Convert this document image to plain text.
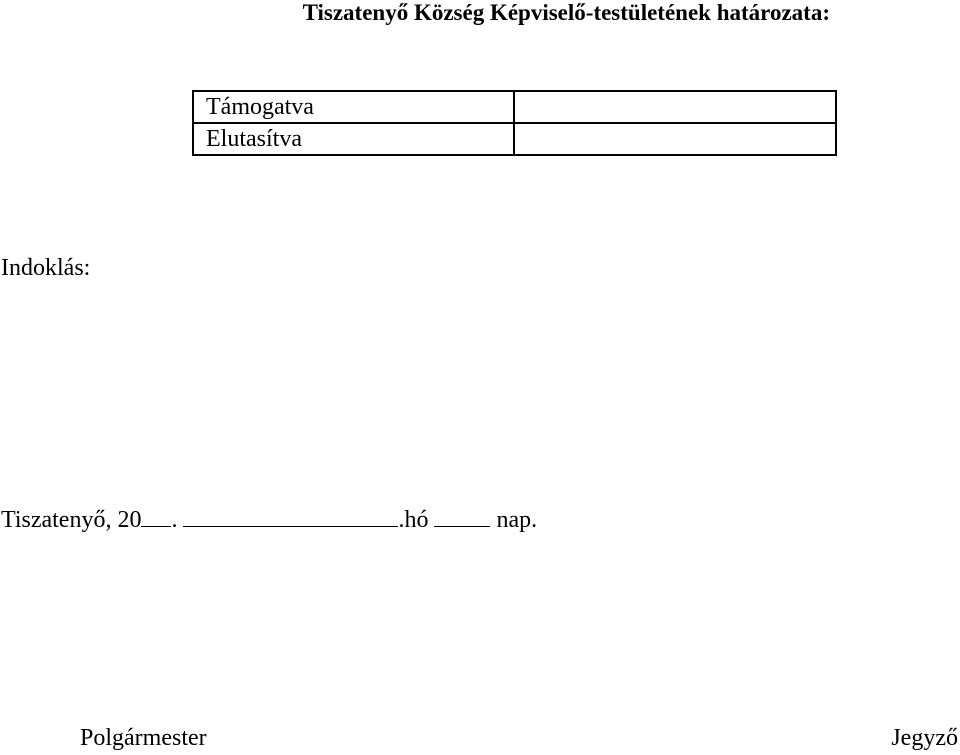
Tiszatenyő Község Képviselő-testületének határozata:
Támogatva	
Elutasítva	
Indoklás:
Tiszatenyő, 20 .	.hó	nap.
Polgármester	Jegyző
